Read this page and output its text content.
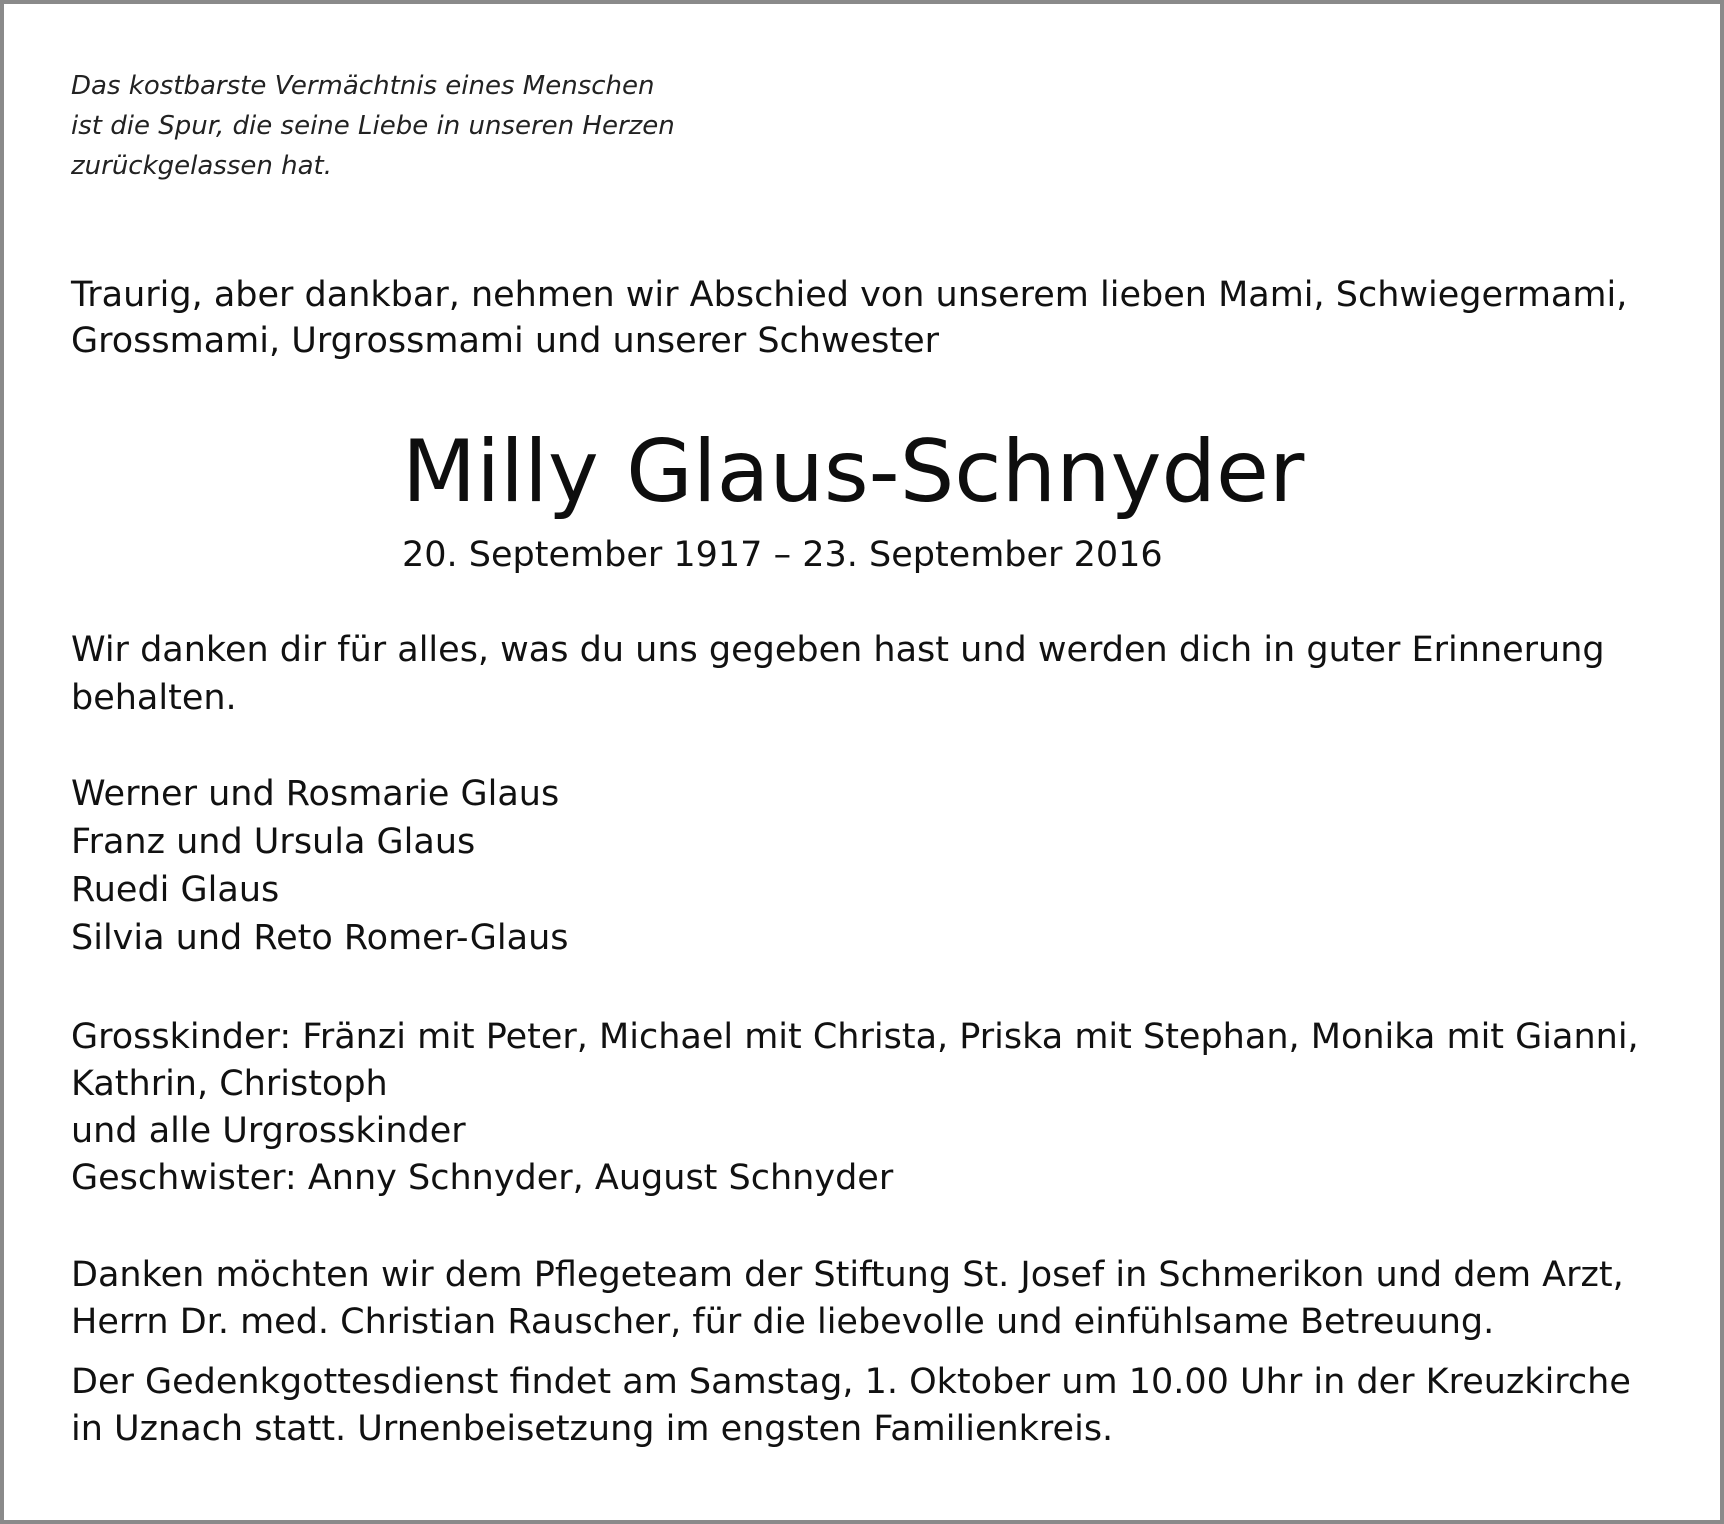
Das kostbarste Vermächtnis eines Menschen
ist die Spur, die seine Liebe in unseren Herzen
zurückgelassen hat.
Traurig, aber dankbar, nehmen wir Abschied von unserem lieben Mami, Schwiegermami,
Grossmami, Urgrossmami und unserer Schwester
Milly Glaus-Schnyder
20. September 1917 – 23. September 2016
Wir danken dir für alles, was du uns gegeben hast und werden dich in guter Erinnerung
behalten.
Werner und Rosmarie Glaus
Franz und Ursula Glaus
Ruedi Glaus
Silvia und Reto Romer-Glaus
Grosskinder: Fränzi mit Peter, Michael mit Christa, Priska mit Stephan, Monika mit Gianni,
Kathrin, Christoph
und alle Urgrosskinder
Geschwister: Anny Schnyder, August Schnyder
Danken möchten wir dem Pflegeteam der Stiftung St. Josef in Schmerikon und dem Arzt,
Herrn Dr. med. Christian Rauscher, für die liebevolle und einfühlsame Betreuung.
Der Gedenkgottesdienst findet am Samstag, 1. Oktober um 10.00 Uhr in der Kreuzkirche
in Uznach statt. Urnenbeisetzung im engsten Familienkreis.
